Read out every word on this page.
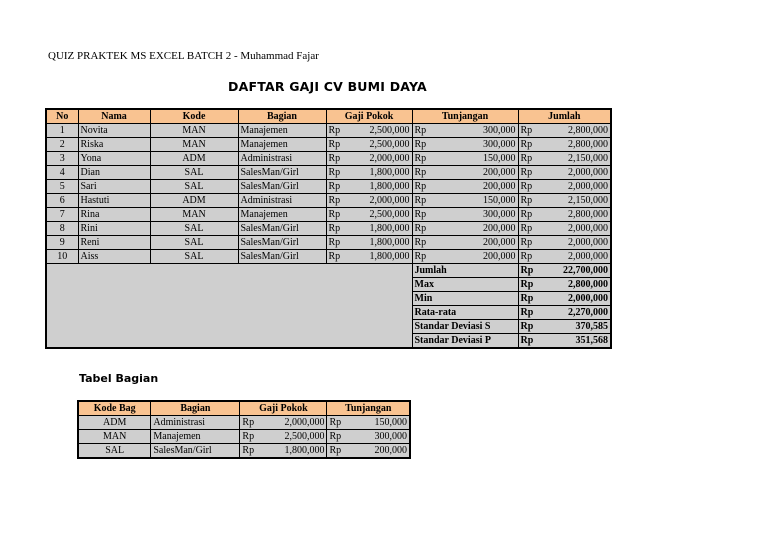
QUIZ PRAKTEK MS EXCEL BATCH 2 - Muhammad Fajar
DAFTAR GAJI CV BUMI DAYA
No	Nama	Kode	Bagian	Gaji Pokok		Tunjangan		Jumlah	
1	Novita	MAN	Manajemen	Rp	2,500,000	Rp	300,000	Rp	2,800,000
2	Riska	MAN	Manajemen	Rp	2,500,000	Rp	300,000	Rp	2,800,000
3	Yona	ADM	Administrasi	Rp	2,000,000	Rp	150,000	Rp	2,150,000
4	Dian	SAL	SalesMan/Girl	Rp	1,800,000	Rp	200,000	Rp	2,000,000
5	Sari	SAL	SalesMan/Girl	Rp	1,800,000	Rp	200,000	Rp	2,000,000
6	Hastuti	ADM	Administrasi	Rp	2,000,000	Rp	150,000	Rp	2,150,000
7	Rina	MAN	Manajemen	Rp	2,500,000	Rp	300,000	Rp	2,800,000
8	Rini	SAL	SalesMan/Girl	Rp	1,800,000	Rp	200,000	Rp	2,000,000
9	Reni	SAL	SalesMan/Girl	Rp	1,800,000	Rp	200,000	Rp	2,000,000
10	Aiss	SAL	SalesMan/Girl	Rp	1,800,000	Rp	200,000	Rp	2,000,000
						Jumlah		Rp	22,700,000
						Max		Rp	2,800,000
						Min		Rp	2,000,000
						Rata-rata		Rp	2,270,000
						Standar Deviasi S		Rp	370,585
						Standar Deviasi P		Rp	351,568
Tabel Bagian
Kode Bag	Bagian	Gaji Pokok		Tunjangan	
ADM	Administrasi	Rp	2,000,000	Rp	150,000
MAN	Manajemen	Rp	2,500,000	Rp	300,000
SAL	SalesMan/Girl	Rp	1,800,000	Rp	200,000
